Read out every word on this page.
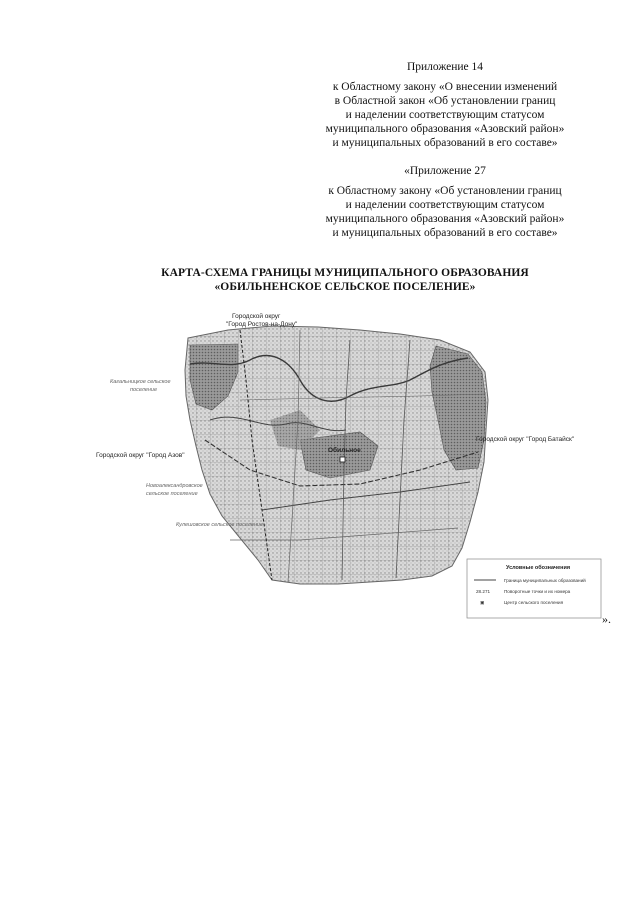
Приложение 14
к Областному закону «О внесении изменений
в Областной закон «Об установлении границ
и наделении соответствующим статусом
муниципального образования «Азовский район»
и муниципальных образований в его составе»
«Приложение 27
к Областному закону «Об установлении границ
и наделении соответствующим статусом
муниципального образования «Азовский район»
и муниципальных образований в его составе»
КАРТА-СХЕМА ГРАНИЦЫ МУНИЦИПАЛЬНОГО ОБРАЗОВАНИЯ
«ОБИЛЬНЕНСКОЕ СЕЛЬСКОЕ ПОСЕЛЕНИЕ»
Городской округ
"Город Ростов-на-Дону"
Городской округ "Город Батайск"
Городской округ "Город Азов"
Кагальницкое сельское
поселение
Новоалександровское
сельское поселение
Кулешовское сельское поселение
Обильное
Условные обозначения
Граница муниципальных образований
28.271	Поворотные точки и их номера
▣	Центр сельского поселения
».
